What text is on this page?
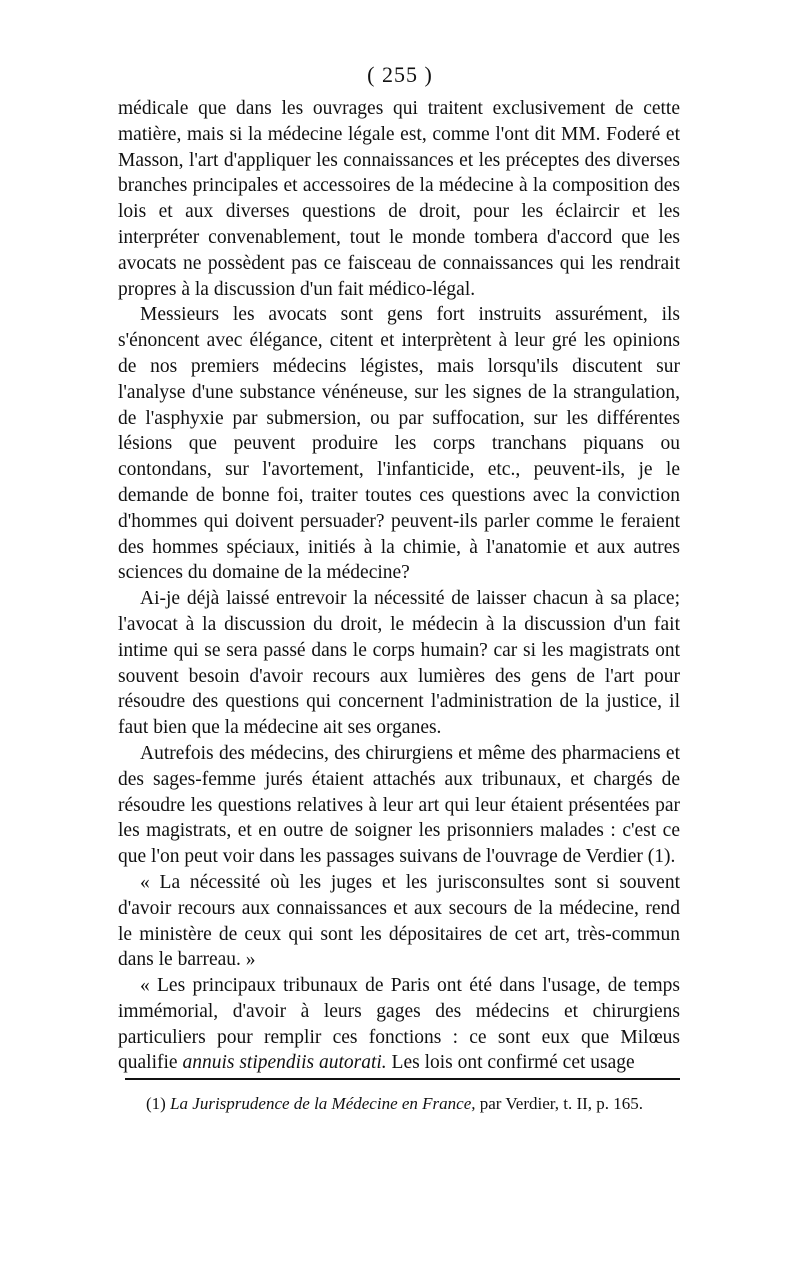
( 255 )

médicale que dans les ouvrages qui traitent exclusivement de cette matière, mais si la médecine légale est, comme l'ont dit MM. Foderé et Masson, l'art d'appliquer les connaissances et les préceptes des diverses branches principales et accessoires de la médecine à la composition des lois et aux diverses questions de droit, pour les éclaircir et les interpréter convenablement, tout le monde tombera d'accord que les avocats ne possèdent pas ce faisceau de connaissances qui les rendrait propres à la discussion d'un fait médico-légal.

Messieurs les avocats sont gens fort instruits assurément, ils s'énoncent avec élégance, citent et interprètent à leur gré les opinions de nos premiers médecins légistes, mais lorsqu'ils discutent sur l'analyse d'une substance vénéneuse, sur les signes de la strangulation, de l'asphyxie par submersion, ou par suffocation, sur les différentes lésions que peuvent produire les corps tranchans piquans ou contondans, sur l'avortement, l'infanticide, etc., peuvent-ils, je le demande de bonne foi, traiter toutes ces questions avec la conviction d'hommes qui doivent persuader? peuvent-ils parler comme le feraient des hommes spéciaux, initiés à la chimie, à l'anatomie et aux autres sciences du domaine de la médecine?

Ai-je déjà laissé entrevoir la nécessité de laisser chacun à sa place; l'avocat à la discussion du droit, le médecin à la discussion d'un fait intime qui se sera passé dans le corps humain? car si les magistrats ont souvent besoin d'avoir recours aux lumières des gens de l'art pour résoudre des questions qui concernent l'administration de la justice, il faut bien que la médecine ait ses organes.

Autrefois des médecins, des chirurgiens et même des pharmaciens et des sages-femme jurés étaient attachés aux tribunaux, et chargés de résoudre les questions relatives à leur art qui leur étaient présentées par les magistrats, et en outre de soigner les prisonniers malades : c'est ce que l'on peut voir dans les passages suivans de l'ouvrage de Verdier (1).

« La nécessité où les juges et les jurisconsultes sont si souvent d'avoir recours aux connaissances et aux secours de la médecine, rend le ministère de ceux qui sont les dépositaires de cet art, très-commun dans le barreau. »

« Les principaux tribunaux de Paris ont été dans l'usage, de temps immémorial, d'avoir à leurs gages des médecins et chirurgiens particuliers pour remplir ces fonctions : ce sont eux que Milœus qualifie annuis stipendiis autorati. Les lois ont confirmé cet usage

(1) La Jurisprudence de la Médecine en France, par Verdier, t. II, p. 165.
